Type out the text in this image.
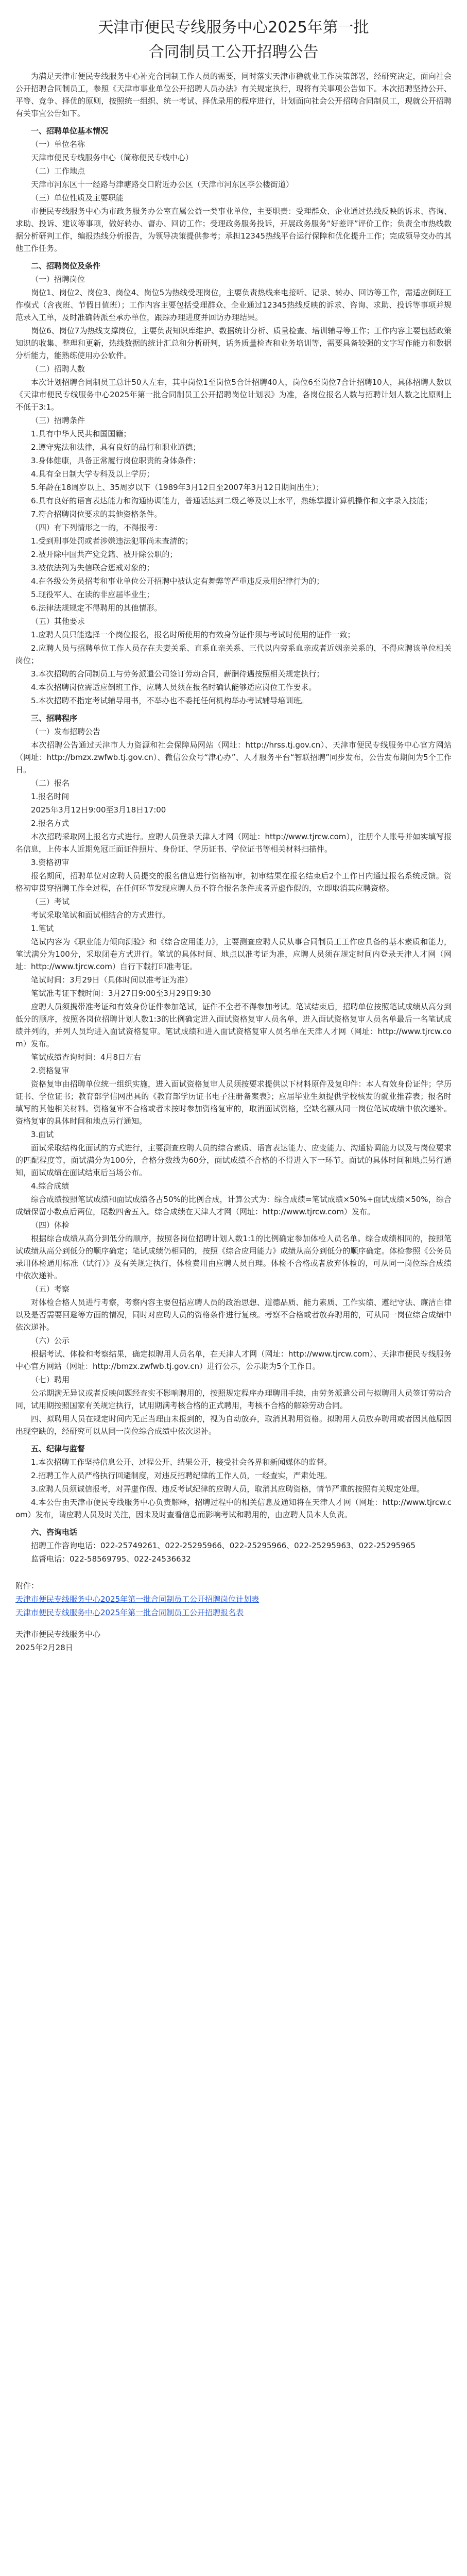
天津市便民专线服务中心2025年第一批
合同制员工公开招聘公告
为满足天津市便民专线服务中心补充合同制工作人员的需要，同时落实天津市稳就业工作决策部署，经研究决定，面向社会公开招聘合同制员工，参照《天津市事业单位公开招聘人员办法》有关规定执行，现将有关事项公告如下。本次招聘坚持公开、平等、竞争、择优的原则，按照统一组织、统一考试、择优录用的程序进行，计划面向社会公开招聘合同制员工，现就公开招聘有关事宜公告如下。
一、招聘单位基本情况
（一）单位名称
天津市便民专线服务中心（简称便民专线中心）
（二）工作地点
天津市河东区十一经路与津塘路交口附近办公区（天津市河东区李公楼街道）
（三）单位性质及主要职能
市便民专线服务中心为市政务服务办公室直属公益一类事业单位，主要职责：受理群众、企业通过热线反映的诉求、咨询、求助、投诉、建议等事项，做好转办、督办、回访工作；受理政务服务投诉，开展政务服务“好差评”评价工作；负责全市热线数据分析研判工作，编报热线分析报告，为领导决策提供参考；承担12345热线平台运行保障和优化提升工作；完成领导交办的其他工作任务。
二、招聘岗位及条件
（一）招聘岗位
岗位1、岗位2、岗位3、岗位4、岗位5为热线受理岗位，主要负责热线来电接听、记录、转办、回访等工作，需适应倒班工作模式（含夜班、节假日值班）；工作内容主要包括受理群众、企业通过12345热线反映的诉求、咨询、求助、投诉等事项并规范录入工单，及时准确转派至承办单位，跟踪办理进度并回访办理结果。
岗位6、岗位7为热线支撑岗位，主要负责知识库维护、数据统计分析、质量检查、培训辅导等工作；工作内容主要包括政策知识的收集、整理和更新，热线数据的统计汇总和分析研判，话务质量检查和业务培训等，需要具备较强的文字写作能力和数据分析能力，能熟练使用办公软件。
（二）招聘人数
本次计划招聘合同制员工总计50人左右，其中岗位1至岗位5合计招聘40人，岗位6至岗位7合计招聘10人，具体招聘人数以《天津市便民专线服务中心2025年第一批合同制员工公开招聘岗位计划表》为准，各岗位报名人数与招聘计划人数之比原则上不低于3:1。
（三）招聘条件
1.具有中华人民共和国国籍；
2.遵守宪法和法律，具有良好的品行和职业道德；
3.身体健康，具备正常履行岗位职责的身体条件；
4.具有全日制大学专科及以上学历；
5.年龄在18周岁以上、35周岁以下（1989年3月12日至2007年3月12日期间出生）；
6.具有良好的语言表达能力和沟通协调能力，普通话达到二级乙等及以上水平，熟练掌握计算机操作和文字录入技能；
7.符合招聘岗位要求的其他资格条件。
（四）有下列情形之一的，不得报考：
1.受到刑事处罚或者涉嫌违法犯罪尚未查清的；
2.被开除中国共产党党籍、被开除公职的；
3.被依法列为失信联合惩戒对象的；
4.在各级公务员招考和事业单位公开招聘中被认定有舞弊等严重违反录用纪律行为的；
5.现役军人、在读的非应届毕业生；
6.法律法规规定不得聘用的其他情形。
（五）其他要求
1.应聘人员只能选择一个岗位报名，报名时所使用的有效身份证件须与考试时使用的证件一致；
2.应聘人员与招聘单位工作人员存在夫妻关系、直系血亲关系、三代以内旁系血亲或者近姻亲关系的，不得应聘该单位相关岗位；
3.本次招聘的合同制员工与劳务派遣公司签订劳动合同，薪酬待遇按照相关规定执行；
4.本次招聘岗位需适应倒班工作，应聘人员须在报名时确认能够适应岗位工作要求。
5.本次招聘不指定考试辅导用书，不举办也不委托任何机构举办考试辅导培训班。
三、招聘程序
（一）发布招聘公告
本次招聘公告通过天津市人力资源和社会保障局网站（网址：http://hrss.tj.gov.cn）、天津市便民专线服务中心官方网站（网址：http://bmzx.zwfwb.tj.gov.cn）、微信公众号“津心办”、人才服务平台“智联招聘”同步发布，公告发布期间为5个工作日。
（二）报名
1.报名时间
2025年3月12日9:00至3月18日17:00
2.报名方式
本次招聘采取网上报名方式进行。应聘人员登录天津人才网（网址：http://www.tjrcw.com），注册个人账号并如实填写报名信息，上传本人近期免冠正面证件照片、身份证、学历证书、学位证书等相关材料扫描件。
3.资格初审
报名期间，招聘单位对应聘人员提交的报名信息进行资格初审，初审结果在报名结束后2个工作日内通过报名系统反馈。资格初审贯穿招聘工作全过程，在任何环节发现应聘人员不符合报名条件或者弄虚作假的，立即取消其应聘资格。
（三）考试
考试采取笔试和面试相结合的方式进行。
1.笔试
笔试内容为《职业能力倾向测验》和《综合应用能力》，主要测查应聘人员从事合同制员工工作应具备的基本素质和能力，笔试满分为100分，采取闭卷方式进行。笔试的具体时间、地点以准考证为准，应聘人员须在规定时间内登录天津人才网（网址：http://www.tjrcw.com）自行下载打印准考证。
笔试时间：3月29日（具体时间以准考证为准）
笔试准考证下载时间：3月27日9:00至3月29日9:30
应聘人员须携带准考证和有效身份证件参加笔试，证件不全者不得参加考试。笔试结束后，招聘单位按照笔试成绩从高分到低分的顺序，按照各岗位招聘计划人数1:3的比例确定进入面试资格复审人员名单，进入面试资格复审人员名单最后一名笔试成绩并列的，并列人员均进入面试资格复审。笔试成绩和进入面试资格复审人员名单在天津人才网（网址：http://www.tjrcw.com）发布。
笔试成绩查询时间：4月8日左右
2.资格复审
资格复审由招聘单位统一组织实施，进入面试资格复审人员须按要求提供以下材料原件及复印件：本人有效身份证件；学历证书、学位证书；教育部学信网出具的《教育部学历证书电子注册备案表》；应届毕业生须提供学校核发的就业推荐表；报名时填写的其他相关材料。资格复审不合格或者未按时参加资格复审的，取消面试资格，空缺名额从同一岗位笔试成绩中依次递补。资格复审的具体时间和地点另行通知。
3.面试
面试采取结构化面试的方式进行，主要测查应聘人员的综合素质、语言表达能力、应变能力、沟通协调能力以及与岗位要求的匹配程度等，面试满分为100分，合格分数线为60分，面试成绩不合格的不得进入下一环节。面试的具体时间和地点另行通知，面试成绩在面试结束后当场公布。
4.综合成绩
综合成绩按照笔试成绩和面试成绩各占50%的比例合成，计算公式为：综合成绩=笔试成绩×50%+面试成绩×50%，综合成绩保留小数点后两位，尾数四舍五入。综合成绩在天津人才网（网址：http://www.tjrcw.com）发布。
（四）体检
根据综合成绩从高分到低分的顺序，按照各岗位招聘计划人数1:1的比例确定参加体检人员名单。综合成绩相同的，按照笔试成绩从高分到低分的顺序确定；笔试成绩仍相同的，按照《综合应用能力》成绩从高分到低分的顺序确定。体检参照《公务员录用体检通用标准（试行）》及有关规定执行，体检费用由应聘人员自理。体检不合格或者放弃体检的，可从同一岗位综合成绩中依次递补。
（五）考察
对体检合格人员进行考察，考察内容主要包括应聘人员的政治思想、道德品质、能力素质、工作实绩、遵纪守法、廉洁自律以及是否需要回避等方面的情况，同时对应聘人员的资格条件进行复核。考察不合格或者放弃聘用的，可从同一岗位综合成绩中依次递补。
（六）公示
根据考试、体检和考察结果，确定拟聘用人员名单，在天津人才网（网址：http://www.tjrcw.com）、天津市便民专线服务中心官方网站（网址：http://bmzx.zwfwb.tj.gov.cn）进行公示，公示期为5个工作日。
（七）聘用
公示期满无异议或者反映问题经查实不影响聘用的，按照规定程序办理聘用手续，由劳务派遣公司与拟聘用人员签订劳动合同，试用期按照国家有关规定执行，试用期满考核合格的正式聘用，考核不合格的解除劳动合同。
四、拟聘用人员在规定时间内无正当理由未报到的，视为自动放弃，取消其聘用资格。拟聘用人员放弃聘用或者因其他原因出现空缺的，经研究可以从同一岗位综合成绩中依次递补。
五、纪律与监督
1.本次招聘工作坚持信息公开、过程公开、结果公开，接受社会各界和新闻媒体的监督。
2.招聘工作人员严格执行回避制度，对违反招聘纪律的工作人员，一经查实，严肃处理。
3.应聘人员须诚信报考，对弄虚作假、违反考试纪律的应聘人员，取消其应聘资格，情节严重的按照有关规定处理。
4.本公告由天津市便民专线服务中心负责解释，招聘过程中的相关信息及通知将在天津人才网（网址：http://www.tjrcw.com）发布，请应聘人员及时关注，因未及时查看信息而影响考试和聘用的，由应聘人员本人负责。
六、咨询电话
招聘工作咨询电话：022-25749261、022-25295966、022-25295966、022-25295963、022-25295965
监督电话：022-58569795、022-24536632
附件：
天津市便民专线服务中心2025年第一批合同制员工公开招聘岗位计划表
天津市便民专线服务中心2025年第一批合同制员工公开招聘报名表
天津市便民专线服务中心
2025年2月28日
